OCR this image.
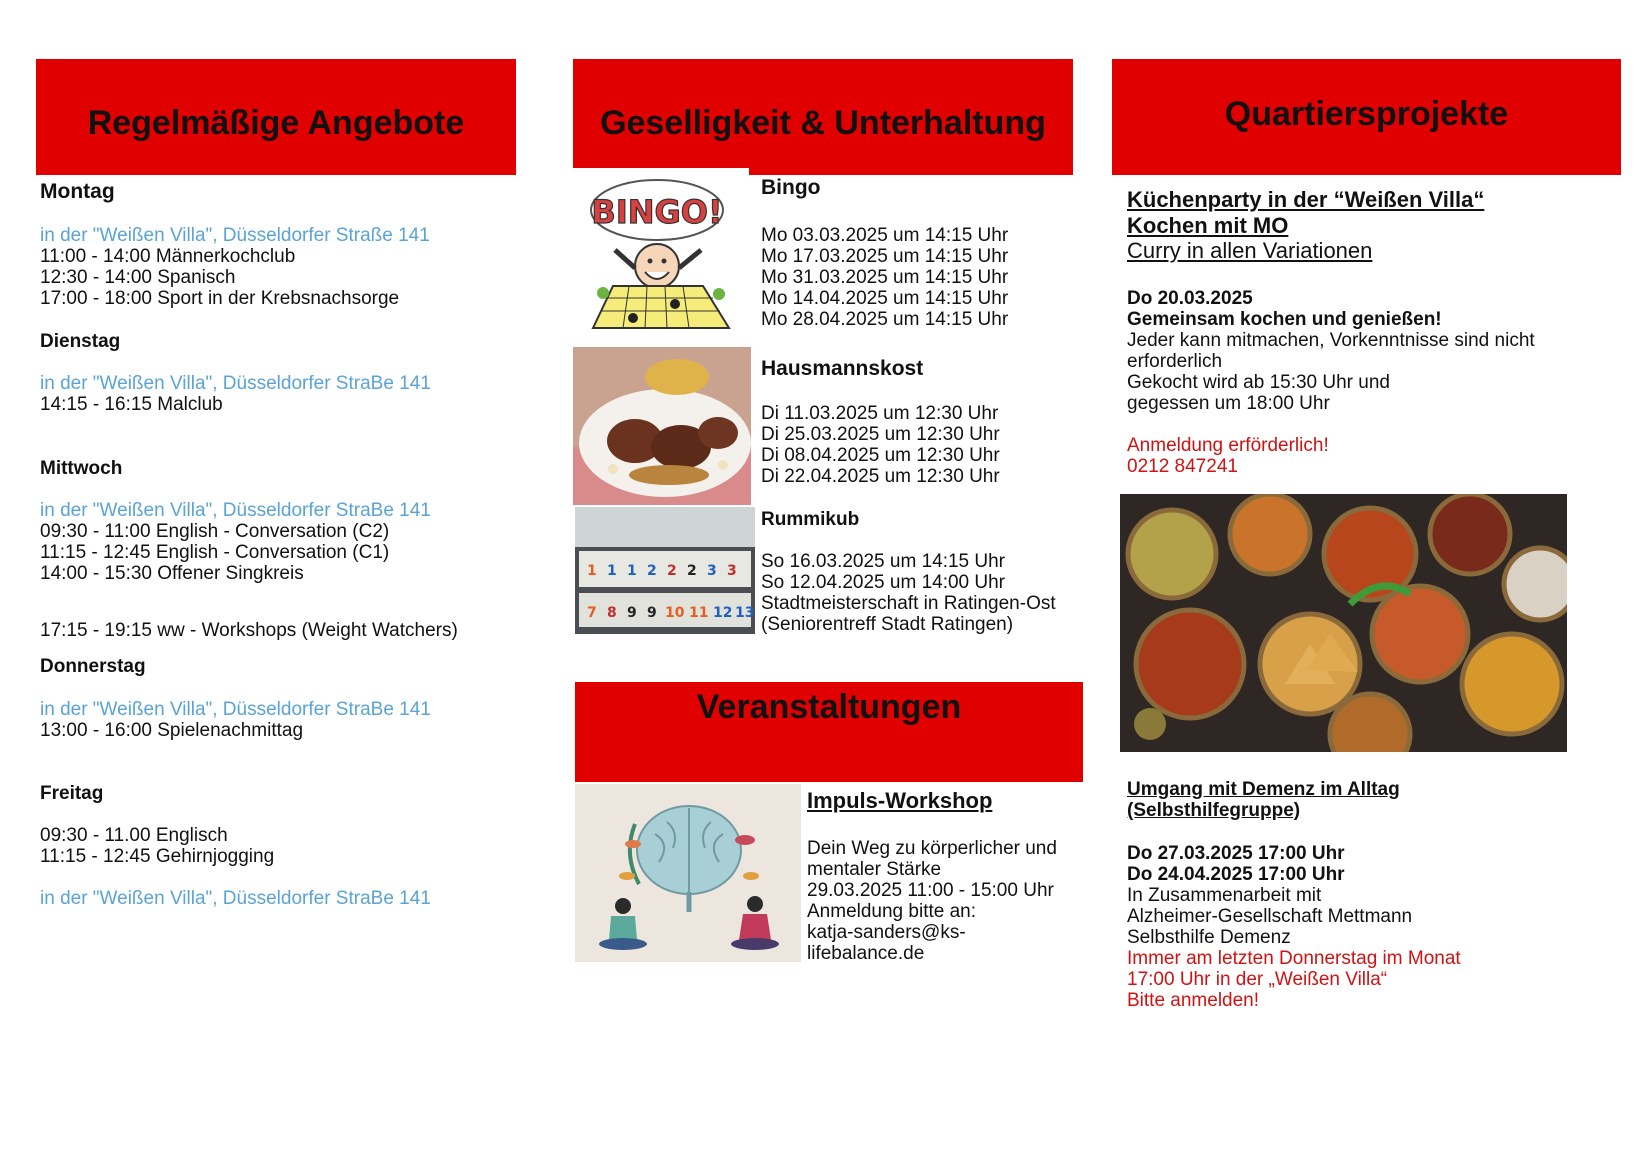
Regelmäßige Angebote
Montag
in der "Weißen Villa", Düsseldorfer Straße 141
11:00 - 14:00 Männerkochclub
12:30 - 14:00 Spanisch
17:00 - 18:00 Sport in der Krebsnachsorge
Dienstag
in der "Weißen Villa", Düsseldorfer StraBe 141
14:15 - 16:15 Malclub
Mittwoch
in der "Weißen Villa", Düsseldorfer StraBe 141
09:30 - 11:00 English - Conversation (C2)
11:15 - 12:45 English - Conversation (C1)
14:00 - 15:30 Offener Singkreis
17:15 - 19:15 ww - Workshops (Weight Watchers)
Donnerstag
in der "Weißen Villa", Düsseldorfer StraBe 141
13:00 - 16:00 Spielenachmittag
Freitag
09:30 - 11.00 Englisch
11:15 - 12:45 Gehirnjogging
in der "Weißen Villa", Düsseldorfer StraBe 141
Geselligkeit & Unterhaltung
BINGO!
Bingo
Mo 03.03.2025 um 14:15 Uhr
Mo 17.03.2025 um 14:15 Uhr
Mo 31.03.2025 um 14:15 Uhr
Mo 14.04.2025 um 14:15 Uhr
Mo 28.04.2025 um 14:15 Uhr
Hausmannskost
Di 11.03.2025 um 12:30 Uhr
Di 25.03.2025 um 12:30 Uhr
Di 08.04.2025 um 12:30 Uhr
Di 22.04.2025 um 12:30 Uhr
1 1 1 2 2 2 3 3
7 8 9 9 10 11 12 13
Rummikub
So 16.03.2025 um 14:15 Uhr
So 12.04.2025 um 14:00 Uhr
Stadtmeisterschaft in Ratingen-Ost
(Seniorentreff Stadt Ratingen)
Veranstaltungen
Impuls-Workshop
Dein Weg zu körperlicher und
mentaler Stärke
29.03.2025 11:00 - 15:00 Uhr
Anmeldung bitte an:
katja-sanders@ks-
lifebalance.de
Quartiersprojekte
Küchenparty in der “Weißen Villa“
Kochen mit MO
Curry in allen Variationen
Do 20.03.2025
Gemeinsam kochen und genießen!
Jeder kann mitmachen, Vorkenntnisse sind nicht
erforderlich
Gekocht wird ab 15:30 Uhr und
gegessen um 18:00 Uhr
Anmeldung erförderlich!
0212 847241
Umgang mit Demenz im Alltag
(Selbsthilfegruppe)
Do 27.03.2025 17:00 Uhr
Do 24.04.2025 17:00 Uhr
In Zusammenarbeit mit
Alzheimer-Gesellschaft Mettmann
Selbsthilfe Demenz
Immer am letzten Donnerstag im Monat
17:00 Uhr in der „Weißen Villa“
Bitte anmelden!
